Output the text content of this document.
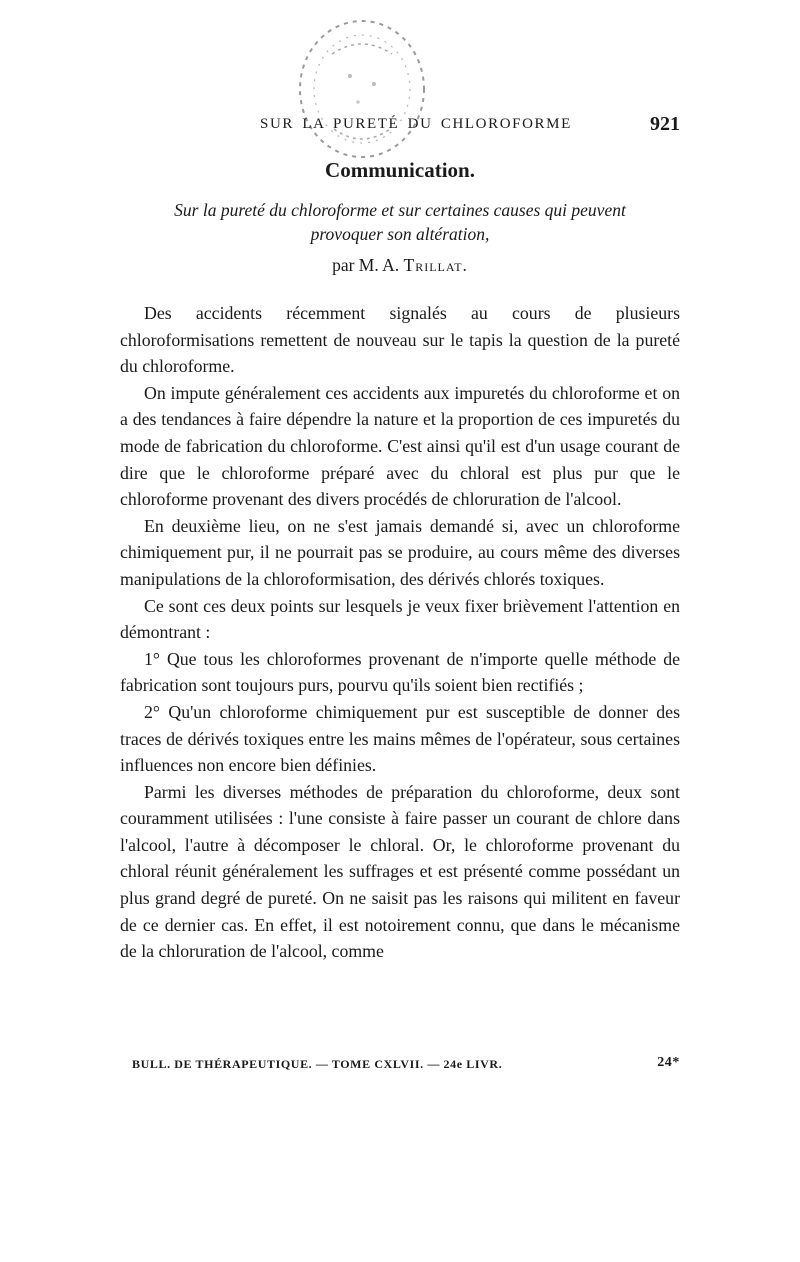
SUR LA PURETÉ DU CHLOROFORME	921
Communication.
Sur la pureté du chloroforme et sur certaines causes qui peuvent
provoquer son altération,
par M. A. Trillat.

Des accidents récemment signalés au cours de plusieurs chloroformisations remettent de nouveau sur le tapis la question de la pureté du chloroforme.

On impute généralement ces accidents aux impuretés du chloroforme et on a des tendances à faire dépendre la nature et la proportion de ces impuretés du mode de fabrication du chloroforme. C'est ainsi qu'il est d'un usage courant de dire que le chloroforme préparé avec du chloral est plus pur que le chloroforme provenant des divers procédés de chloruration de l'alcool.

En deuxième lieu, on ne s'est jamais demandé si, avec un chloroforme chimiquement pur, il ne pourrait pas se produire, au cours même des diverses manipulations de la chloroformisation, des dérivés chlorés toxiques.

Ce sont ces deux points sur lesquels je veux fixer brièvement l'attention en démontrant :

1° Que tous les chloroformes provenant de n'importe quelle méthode de fabrication sont toujours purs, pourvu qu'ils soient bien rectifiés ;

2° Qu'un chloroforme chimiquement pur est susceptible de donner des traces de dérivés toxiques entre les mains mêmes de l'opérateur, sous certaines influences non encore bien définies.

Parmi les diverses méthodes de préparation du chloroforme, deux sont couramment utilisées : l'une consiste à faire passer un courant de chlore dans l'alcool, l'autre à décomposer le chloral. Or, le chloroforme provenant du chloral réunit généralement les suffrages et est présenté comme possédant un plus grand degré de pureté. On ne saisit pas les raisons qui militent en faveur de ce dernier cas. En effet, il est notoirement connu, que dans le mécanisme de la chloruration de l'alcool, comme

BULL. DE THÉRAPEUTIQUE. — TOME CXLVII. — 24e LIVR.	24*
